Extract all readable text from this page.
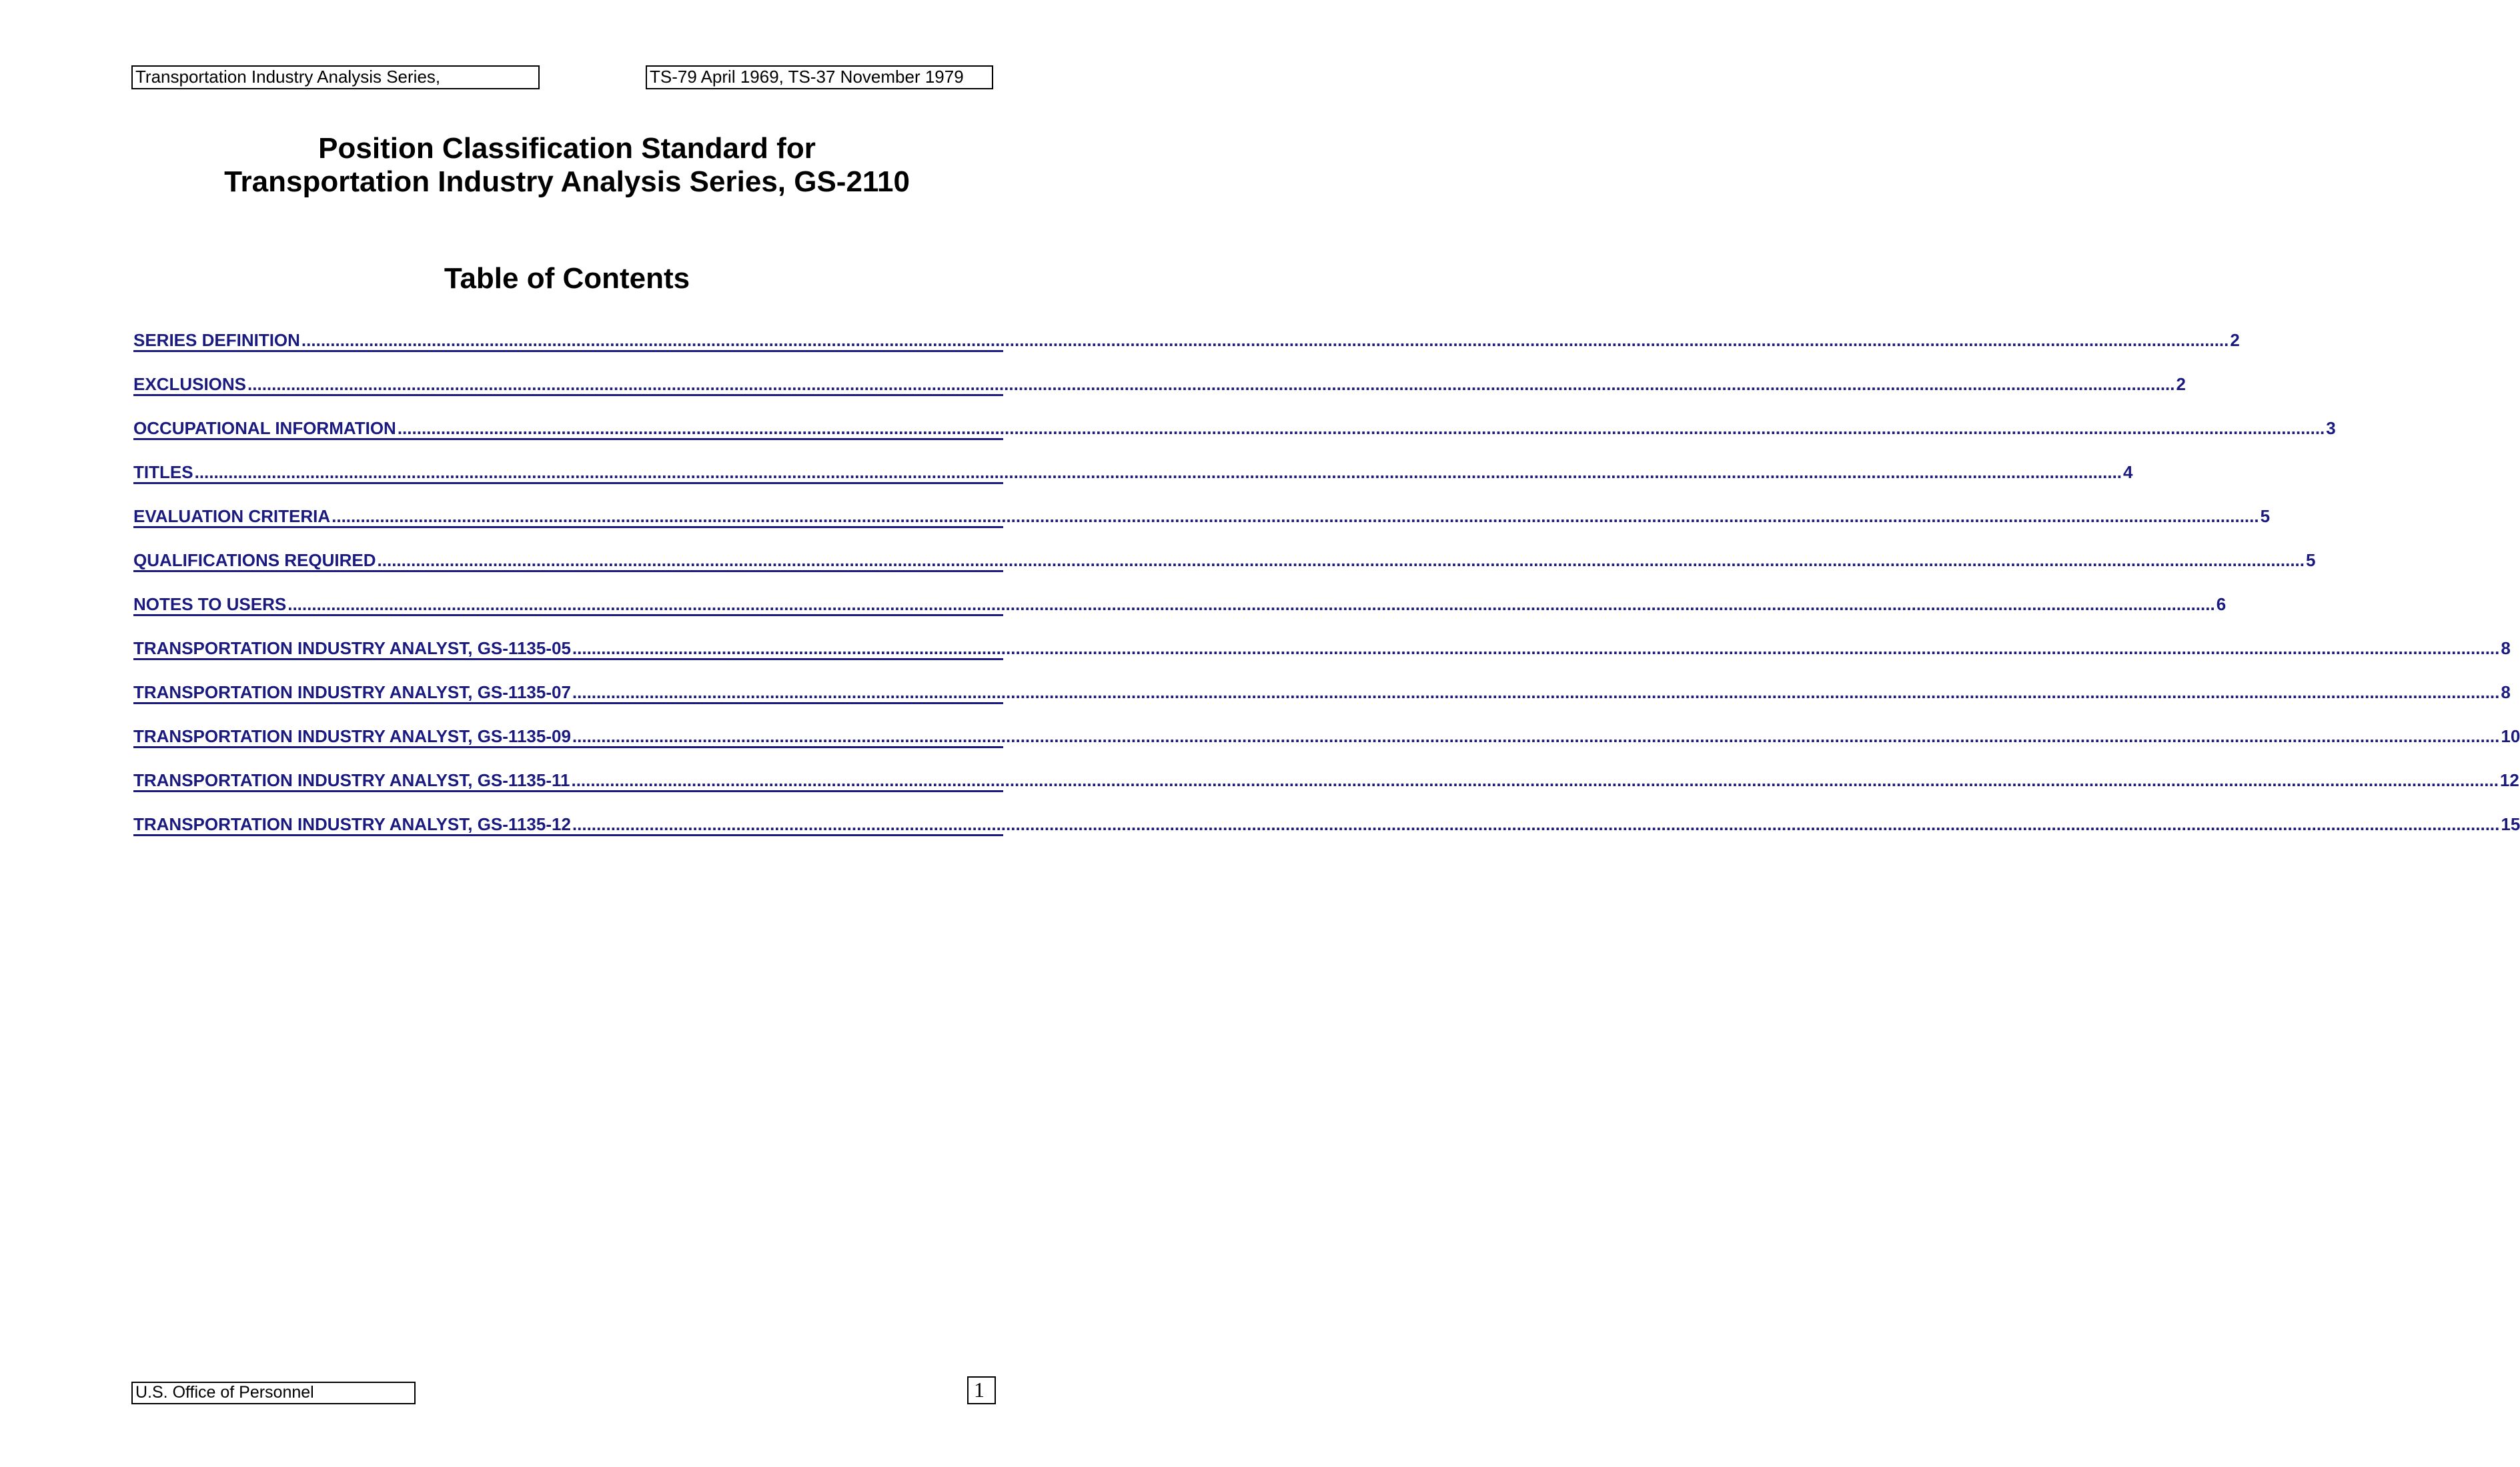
Transportation Industry Analysis Series,	TS-79 April 1969, TS-37 November 1979
Position Classification Standard for
Transportation Industry Analysis Series, GS-2110
Table of Contents
SERIES DEFINITION ................................................................................................................................................................................................................................................................................................................................................................................................................ 2
EXCLUSIONS ................................................................................................................................................................................................................................................................................................................................................................................................................ 2
OCCUPATIONAL INFORMATION ................................................................................................................................................................................................................................................................................................................................................................................................................ 3
TITLES ................................................................................................................................................................................................................................................................................................................................................................................................................ 4
EVALUATION CRITERIA ................................................................................................................................................................................................................................................................................................................................................................................................................ 5
QUALIFICATIONS REQUIRED ................................................................................................................................................................................................................................................................................................................................................................................................................ 5
NOTES TO USERS ................................................................................................................................................................................................................................................................................................................................................................................................................ 6
TRANSPORTATION INDUSTRY ANALYST, GS-1135-05 ................................................................................................................................................................................................................................................................................................................................................................................................................ 8
TRANSPORTATION INDUSTRY ANALYST, GS-1135-07 ................................................................................................................................................................................................................................................................................................................................................................................................................ 8
TRANSPORTATION INDUSTRY ANALYST, GS-1135-09 ................................................................................................................................................................................................................................................................................................................................................................................................................ 10
TRANSPORTATION INDUSTRY ANALYST, GS-1135-11 ................................................................................................................................................................................................................................................................................................................................................................................................................ 12
TRANSPORTATION INDUSTRY ANALYST, GS-1135-12 ................................................................................................................................................................................................................................................................................................................................................................................................................ 15
U.S. Office of Personnel	1
